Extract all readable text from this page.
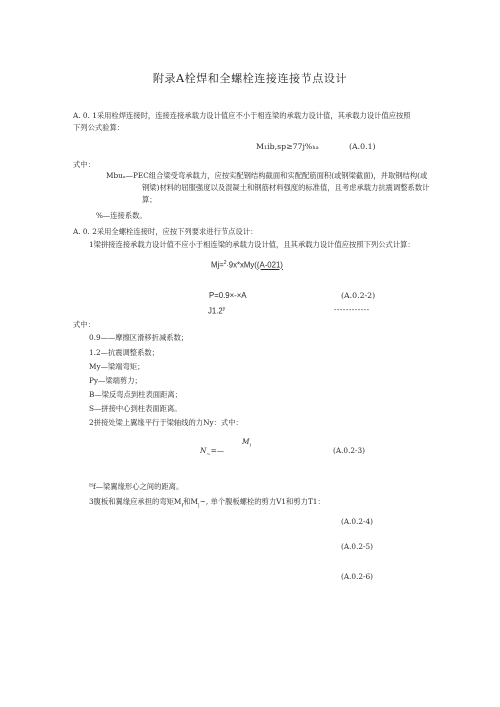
附录A栓焊和全螺栓连接连接节点设计
A. 0. 1采用栓焊连接时，连接连接承载力设计值应不小于相连梁的承载力设计值，其承载力设计值应按照
下列公式验算：
M₁ib,sp≥77j%ₕₐ	(A.0.1)
式中：
Mbuₐ—PEC组合梁受弯承载力，应按实配钢结构截面和实配配筋面积(或钢梁截面)，并取钢结构(或
钢梁)材料的屈服强度以及混凝土和钢筋材料强度的标准值，且考虑承载力抗震调整系数计
算；
%—连接系数。
A. 0. 2采用全螺栓连接时，应按下列要求进行节点设计：
1梁拼接连接承载力设计值不应小于相连梁的承载力设计值，且其承载力设计值应按照下列公式计算：
Mj=$^2$∙9x*xMy((A-021)
P=0.9×-×A	(A.0.2-2)
J1.2$^y$	------------
式中：
0.9——摩擦区滑移折减系数；
1.2—抗震调整系数；
My—梁端弯矩；
Py—梁端剪力；
B—梁反弯点到柱表面距离；
S—拼接中心到柱表面距离。
2拼接处梁上翼缘平行于梁轴线的力Ny：式中：
$M_i$
$N_\sim=—$	(A.0.2-3)
ᴴf—梁翼缘形心之间的距离。
3腹板和翼缘应承担的弯矩$M_f$和$M_|\sim$, 单个腹板螺栓的剪力V1和剪力T1：
(A.0.2-4)
(A.0.2-5)
(A.0.2-6)
